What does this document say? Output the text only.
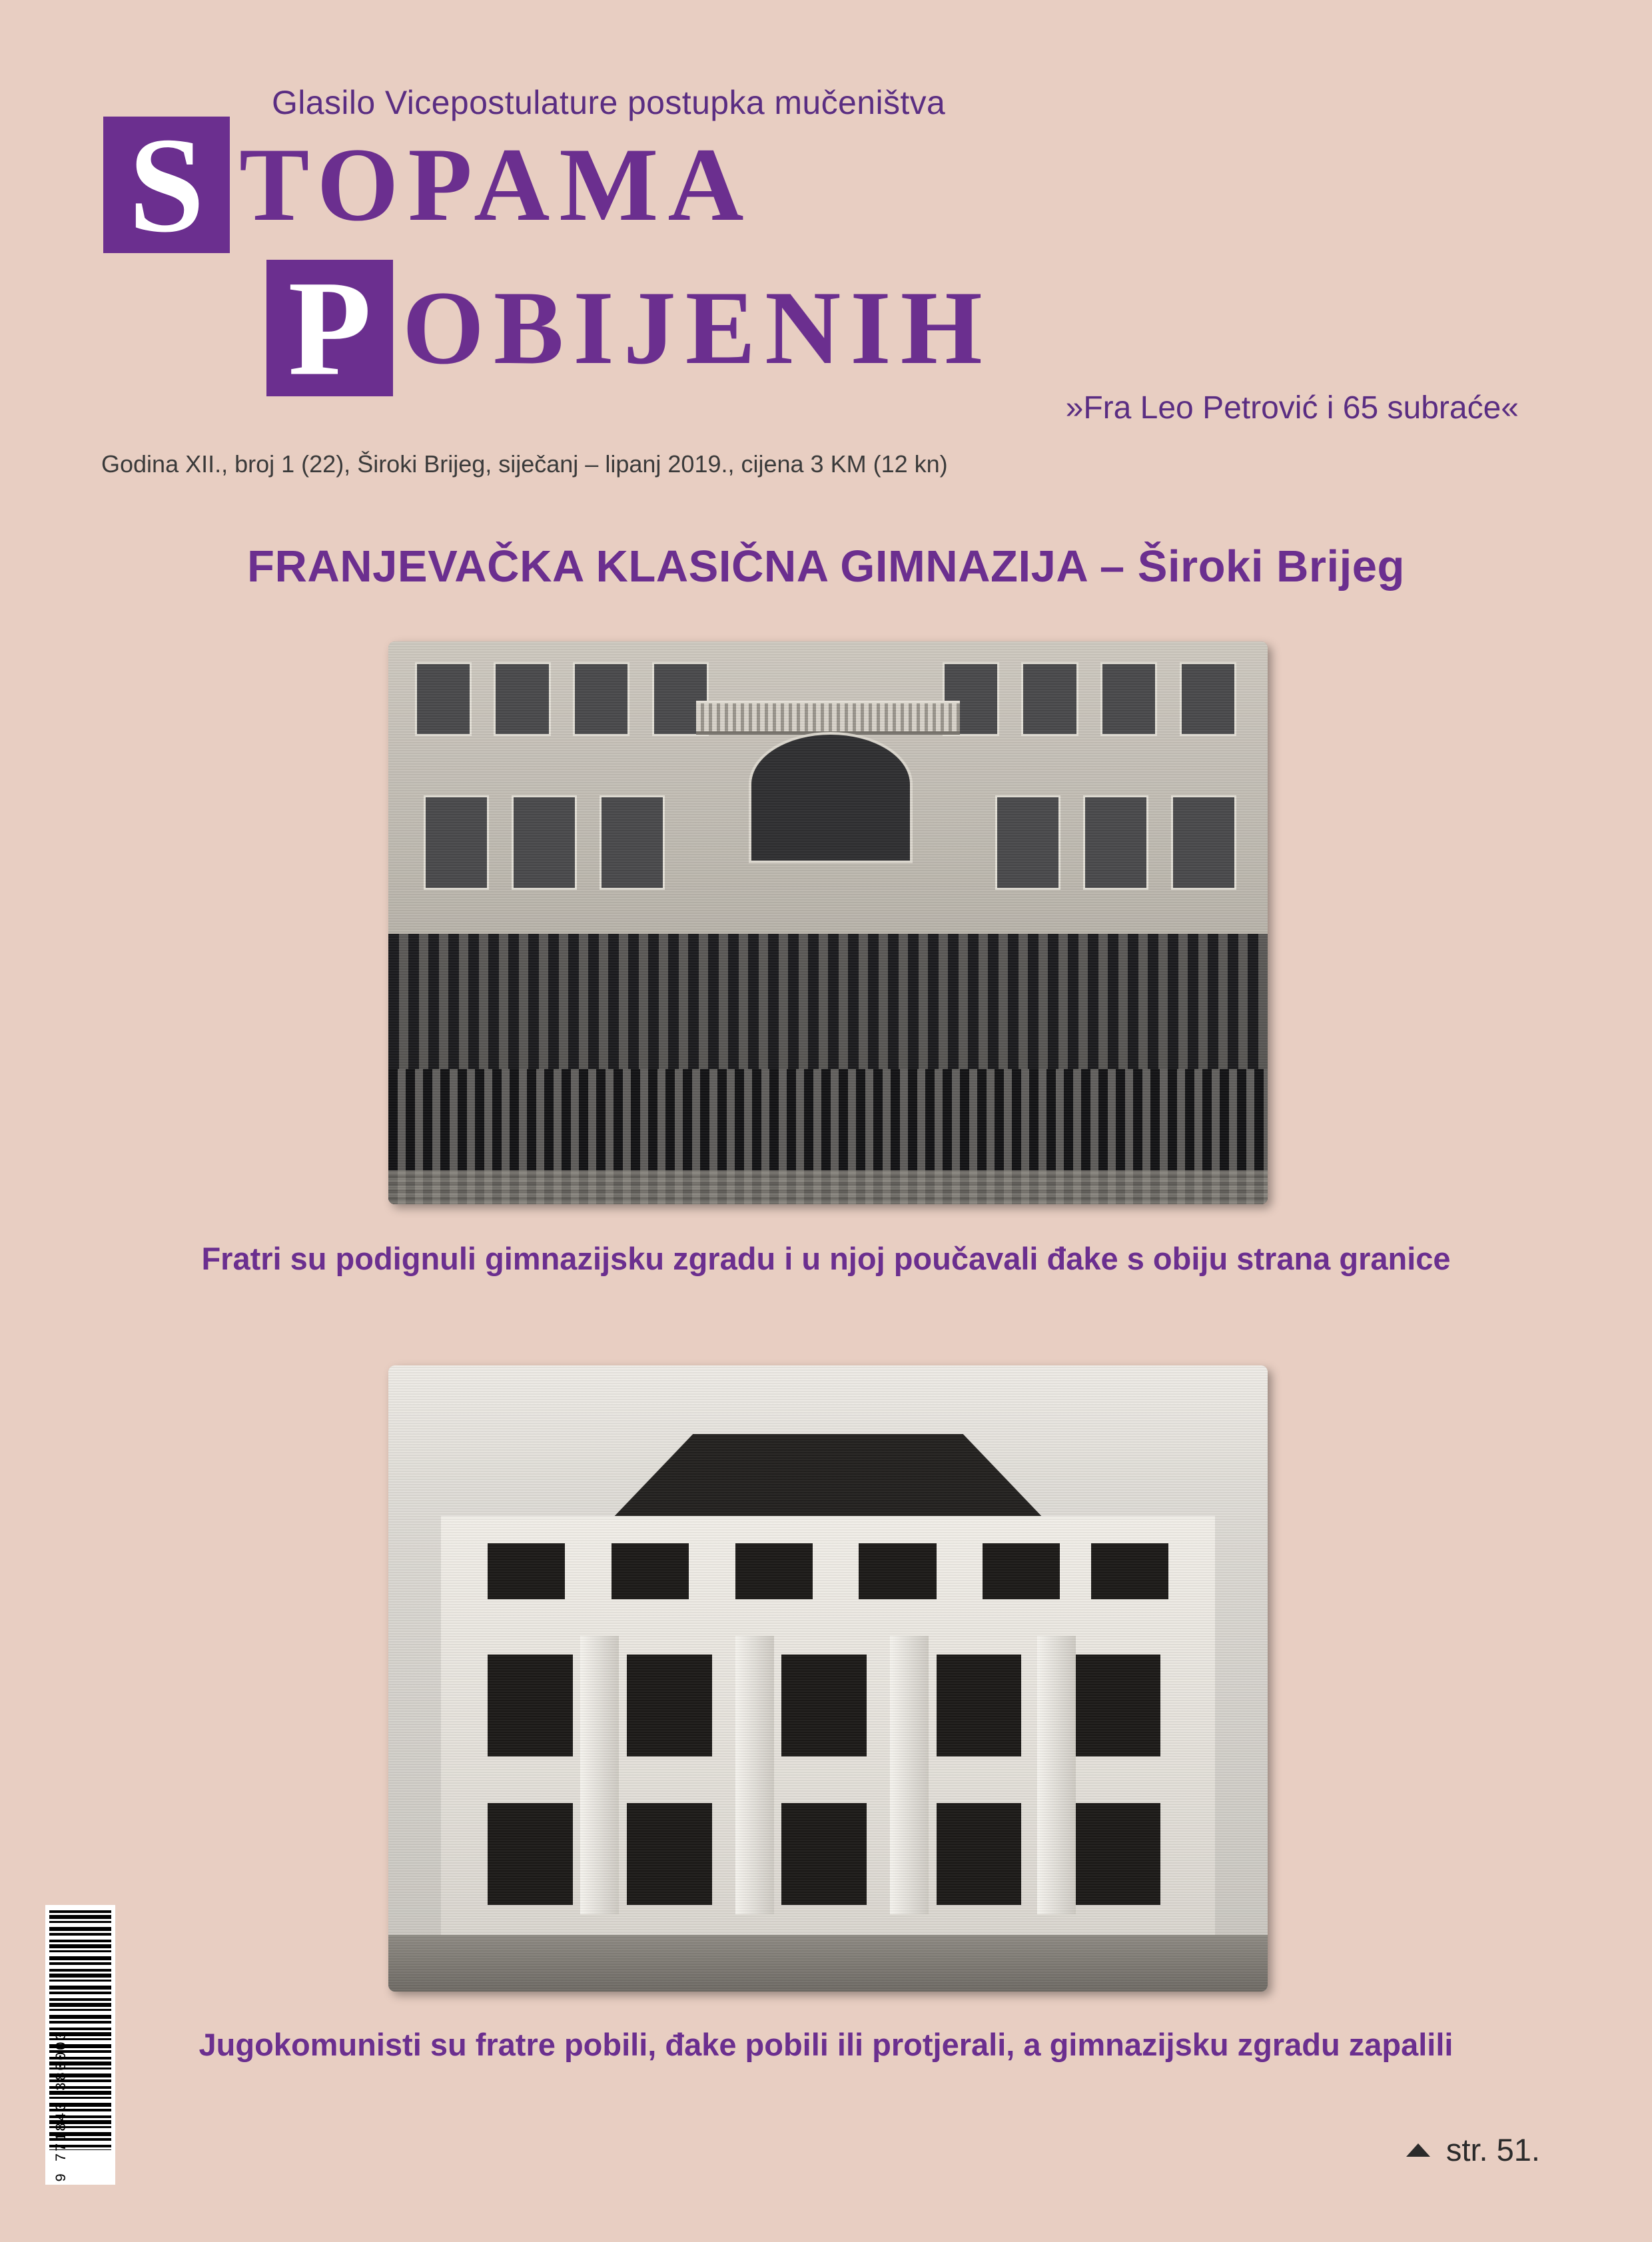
Glasilo Vicepostulature postupka mučeništva
S TOPAMA
P OBIJENIH
»Fra Leo Petrović i 65 subraće«
Godina XII., broj 1 (22), Široki Brijeg, siječanj – lipanj 2019., cijena 3 KM (12 kn)
FRANJEVAČKA KLASIČNA GIMNAZIJA – Široki Brijeg
Fratri su podignuli gimnazijsku zgradu i u njoj poučavali đake s obiju strana granice
Jugokomunisti su fratre pobili, đake pobili ili protjerali, a gimnazijsku zgradu zapalili
str. 51.
9 771840 380003
